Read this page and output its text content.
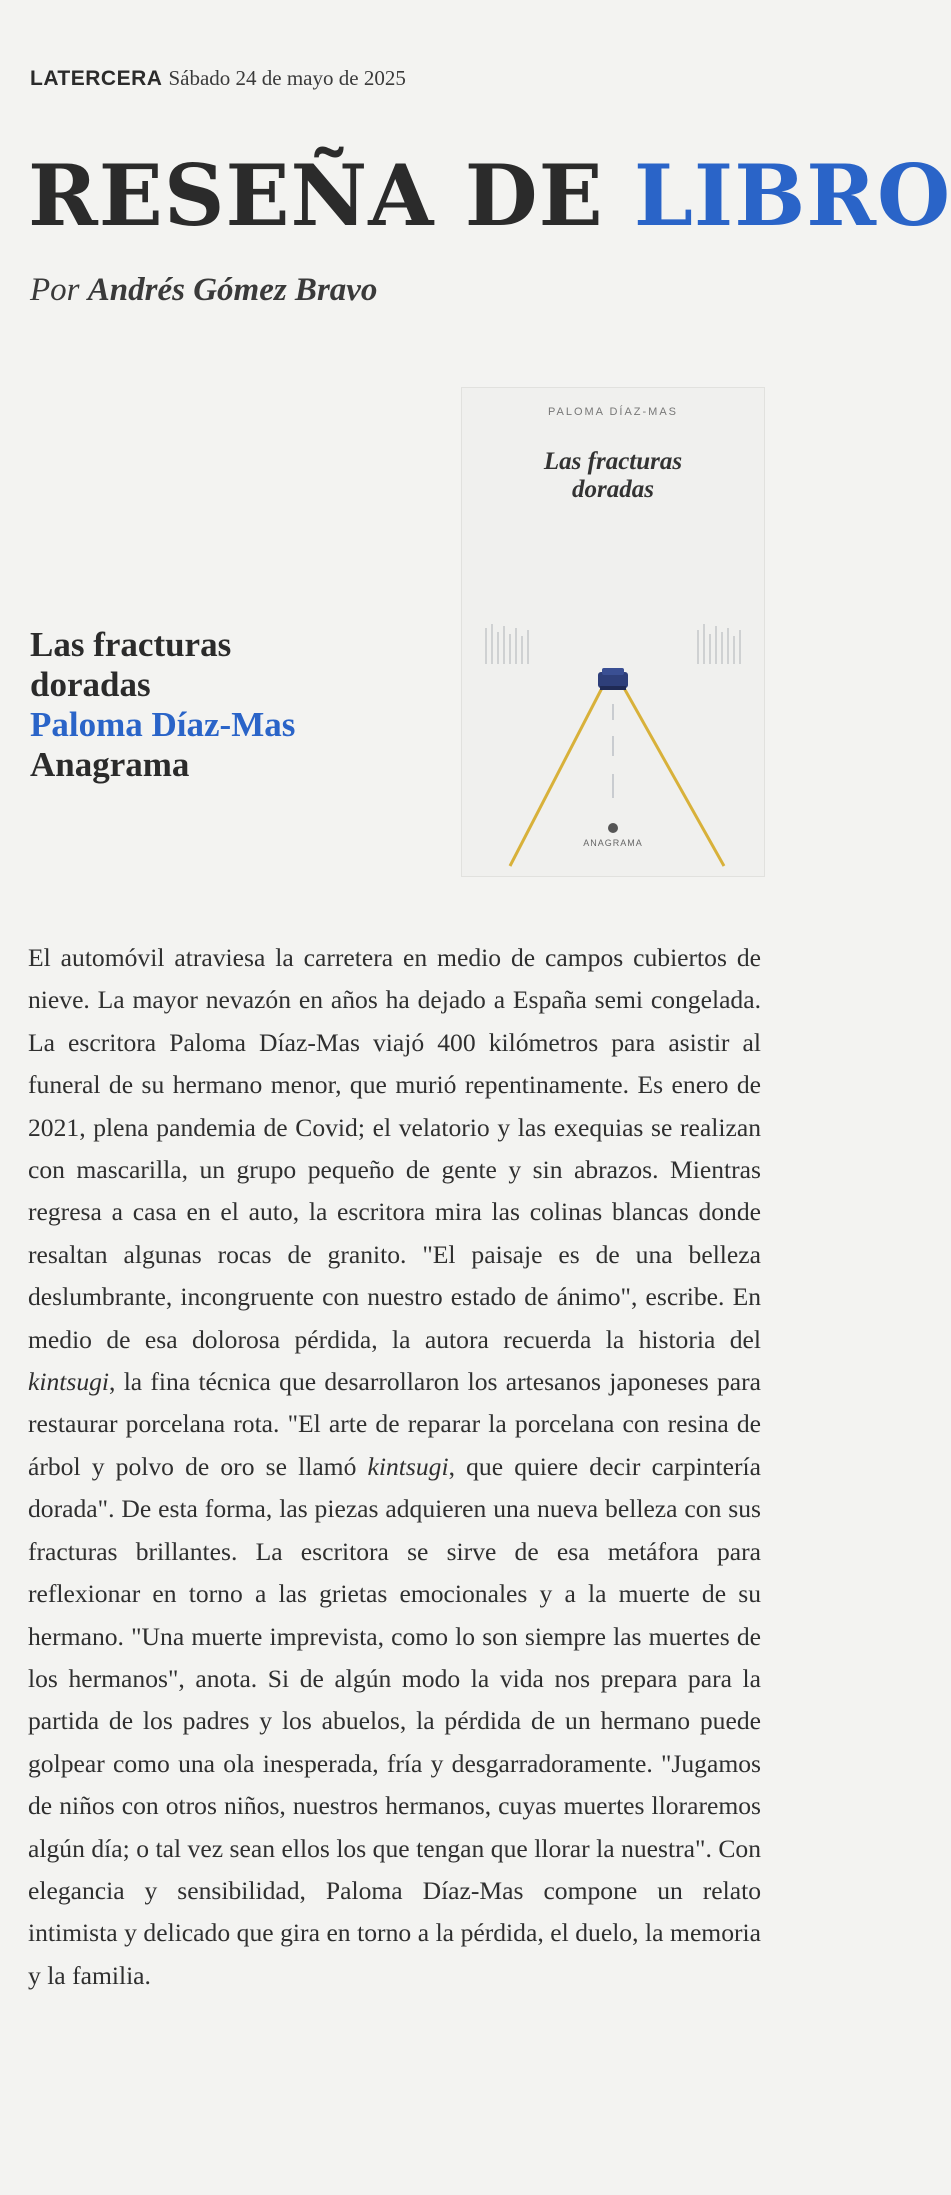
LATERCERA Sábado 24 de mayo de 2025
RESEÑA DE LIBRO
Por Andrés Gómez Bravo
Las fracturas
doradas
Paloma Díaz-Mas
Anagrama
PALOMA DÍAZ-MAS
Las fracturas
doradas
ANAGRAMA
El automóvil atraviesa la carretera en medio de campos cubiertos de nieve. La mayor nevazón en años ha dejado a España semi congelada. La escritora Paloma Díaz-Mas viajó 400 kilómetros para asistir al funeral de su hermano menor, que murió repentinamente. Es enero de 2021, plena pandemia de Covid; el velatorio y las exequias se realizan con mascarilla, un grupo pequeño de gente y sin abrazos. Mientras regresa a casa en el auto, la escritora mira las colinas blancas donde resaltan algunas rocas de granito. "El paisaje es de una belleza deslumbrante, incongruente con nuestro estado de ánimo", escribe. En medio de esa dolorosa pérdida, la autora recuerda la historia del kintsugi, la fina técnica que desarrollaron los artesanos japoneses para restaurar porcelana rota. "El arte de reparar la porcelana con resina de árbol y polvo de oro se llamó kintsugi, que quiere decir carpintería dorada". De esta forma, las piezas adquieren una nueva belleza con sus fracturas brillantes. La escritora se sirve de esa metáfora para reflexionar en torno a las grietas emocionales y a la muerte de su hermano. "Una muerte imprevista, como lo son siempre las muertes de los hermanos", anota. Si de algún modo la vida nos prepara para la partida de los padres y los abuelos, la pérdida de un hermano puede golpear como una ola inesperada, fría y desgarradoramente. "Jugamos de niños con otros niños, nuestros hermanos, cuyas muertes lloraremos algún día; o tal vez sean ellos los que tengan que llorar la nuestra". Con elegancia y sensibilidad, Paloma Díaz-Mas compone un relato intimista y delicado que gira en torno a la pérdida, el duelo, la memoria y la familia.
